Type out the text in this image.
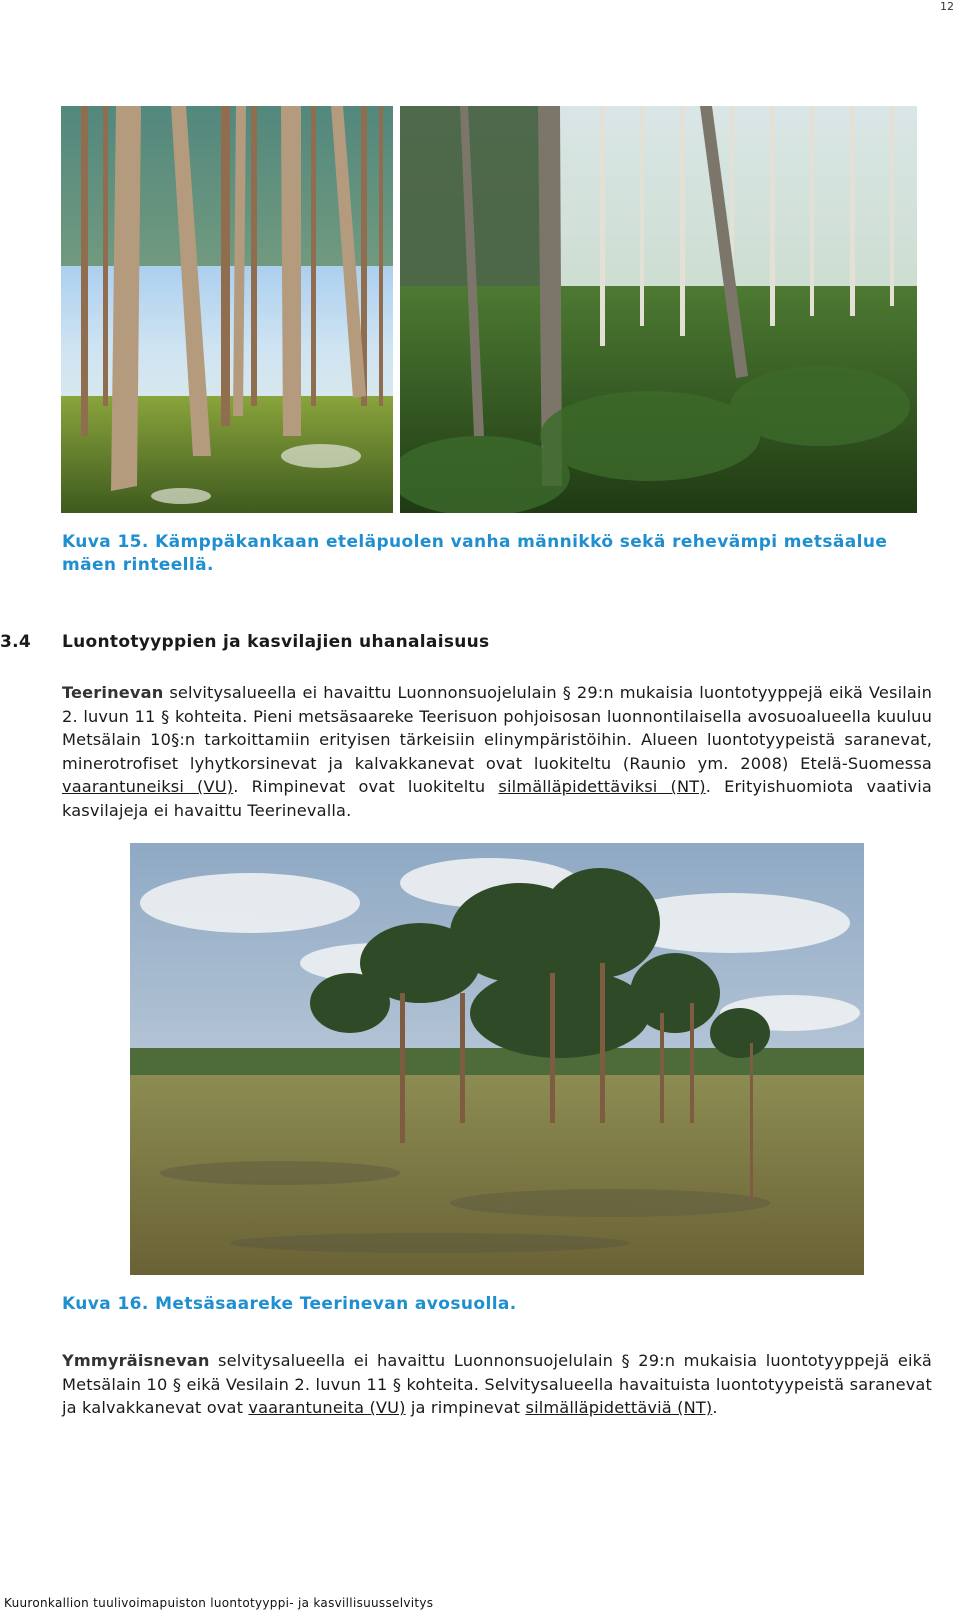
12
Kuva 15. Kämppäkankaan eteläpuolen vanha männikkö sekä rehevämpi metsäalue mäen rinteellä.
3.4 Luontotyyppien ja kasvilajien uhanalaisuus
Teerinevan selvitysalueella ei havaittu Luonnonsuojelulain § 29:n mukaisia luontotyyppejä eikä Vesilain 2. luvun 11 § kohteita. Pieni metsäsaareke Teerisuon pohjoisosan luonnontilaisella avosuoalueella kuuluu Metsälain 10§:n tarkoittamiin erityisen tärkeisiin elinympäristöihin. Alueen luontotyypeistä saranevat, minerotrofiset lyhytkorsinevat ja kalvakkanevat ovat luokiteltu (Raunio ym. 2008) Etelä-Suomessa vaarantuneiksi (VU). Rimpinevat ovat luokiteltu silmälläpidettäviksi (NT). Erityishuomiota vaativia kasvilajeja ei havaittu Teerinevalla.
Kuva 16. Metsäsaareke Teerinevan avosuolla.
Ymmyräisnevan selvitysalueella ei havaittu Luonnonsuojelulain § 29:n mukaisia luontotyyppejä eikä Metsälain 10 § eikä Vesilain 2. luvun 11 § kohteita. Selvitysalueella havaituista luontotyypeistä saranevat ja kalvakkanevat ovat vaarantuneita (VU) ja rimpinevat silmälläpidettäviä (NT).
Kuuronkallion tuulivoimapuiston luontotyyppi- ja kasvillisuusselvitys
